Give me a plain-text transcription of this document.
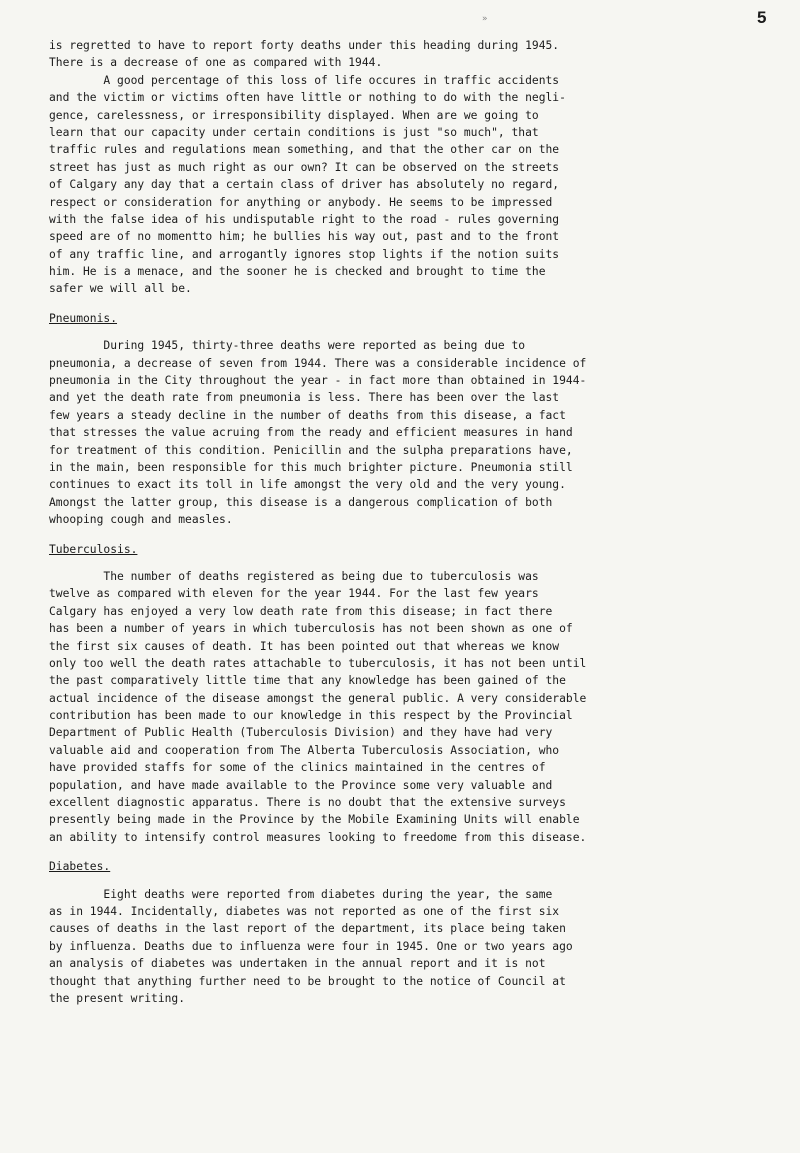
»	5
is regretted to have to report forty deaths under this heading during 1945.
There is a decrease of one as compared with 1944.
A good percentage of this loss of life occures in traffic accidents
and the victim or victims often have little or nothing to do with the negli-
gence, carelessness, or irresponsibility displayed. When are we going to
learn that our capacity under certain conditions is just "so much", that
traffic rules and regulations mean something, and that the other car on the
street has just as much right as our own? It can be observed on the streets
of Calgary any day that a certain class of driver has absolutely no regard,
respect or consideration for anything or anybody. He seems to be impressed
with the false idea of his undisputable right to the road - rules governing
speed are of no momentto him; he bullies his way out, past and to the front
of any traffic line, and arrogantly ignores stop lights if the notion suits
him. He is a menace, and the sooner he is checked and brought to time the
safer we will all be.
Pneumonis.
During 1945, thirty-three deaths were reported as being due to
pneumonia, a decrease of seven from 1944. There was a considerable incidence of
pneumonia in the City throughout the year - in fact more than obtained in 1944-
and yet the death rate from pneumonia is less. There has been over the last
few years a steady decline in the number of deaths from this disease, a fact
that stresses the value acruing from the ready and efficient measures in hand
for treatment of this condition. Penicillin and the sulpha preparations have,
in the main, been responsible for this much brighter picture. Pneumonia still
continues to exact its toll in life amongst the very old and the very young.
Amongst the latter group, this disease is a dangerous complication of both
whooping cough and measles.
Tuberculosis.
The number of deaths registered as being due to tuberculosis was
twelve as compared with eleven for the year 1944. For the last few years
Calgary has enjoyed a very low death rate from this disease; in fact there
has been a number of years in which tuberculosis has not been shown as one of
the first six causes of death. It has been pointed out that whereas we know
only too well the death rates attachable to tuberculosis, it has not been until
the past comparatively little time that any knowledge has been gained of the
actual incidence of the disease amongst the general public. A very considerable
contribution has been made to our knowledge in this respect by the Provincial
Department of Public Health (Tuberculosis Division) and they have had very
valuable aid and cooperation from The Alberta Tuberculosis Association, who
have provided staffs for some of the clinics maintained in the centres of
population, and have made available to the Province some very valuable and
excellent diagnostic apparatus. There is no doubt that the extensive surveys
presently being made in the Province by the Mobile Examining Units will enable
an ability to intensify control measures looking to freedome from this disease.
Diabetes.
Eight deaths were reported from diabetes during the year, the same
as in 1944. Incidentally, diabetes was not reported as one of the first six
causes of deaths in the last report of the department, its place being taken
by influenza. Deaths due to influenza were four in 1945. One or two years ago
an analysis of diabetes was undertaken in the annual report and it is not
thought that anything further need to be brought to the notice of Council at
the present writing.
